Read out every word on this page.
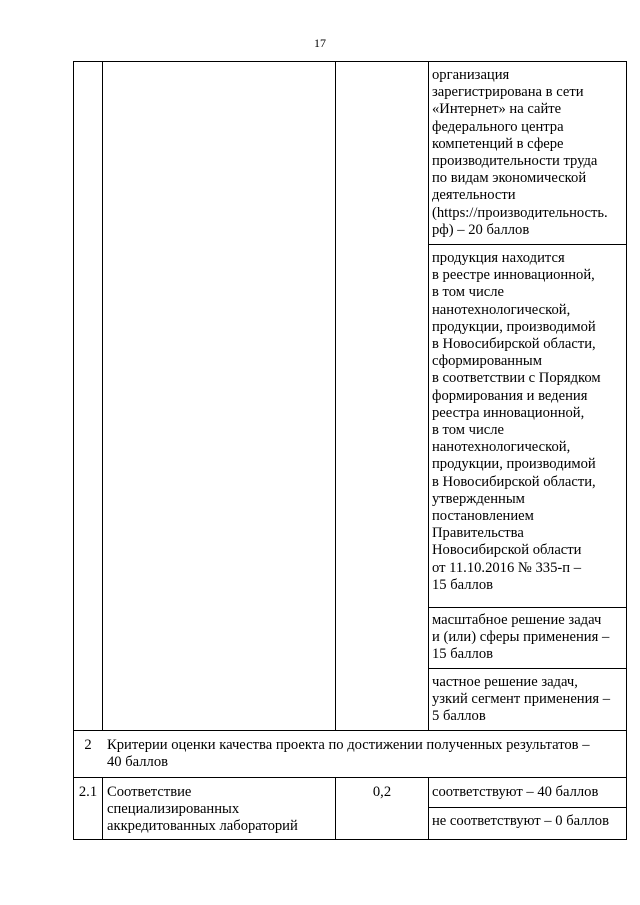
17
организация
зарегистрирована в сети
«Интернет» на сайте
федерального центра
компетенций в сфере
производительности труда
по видам экономической
деятельности
(https://производительность.
рф) – 20 баллов
продукция находится
в реестре инновационной,
в том числе
нанотехнологической,
продукции, производимой
в Новосибирской области,
сформированным
в соответствии с Порядком
формирования и ведения
реестра инновационной,
в том числе
нанотехнологической,
продукции, производимой
в Новосибирской области,
утвержденным
постановлением
Правительства
Новосибирской области
от 11.10.2016 № 335-п –
15 баллов
масштабное решение задач
и (или) сферы применения –
15 баллов
частное решение задач,
узкий сегмент применения –
5 баллов
2	Критерии оценки качества проекта по достижении полученных результатов –
40 баллов
2.1 Соответствие
специализированных
аккредитованных лабораторий
0,2	соответствуют – 40 баллов
не соответствуют – 0 баллов
